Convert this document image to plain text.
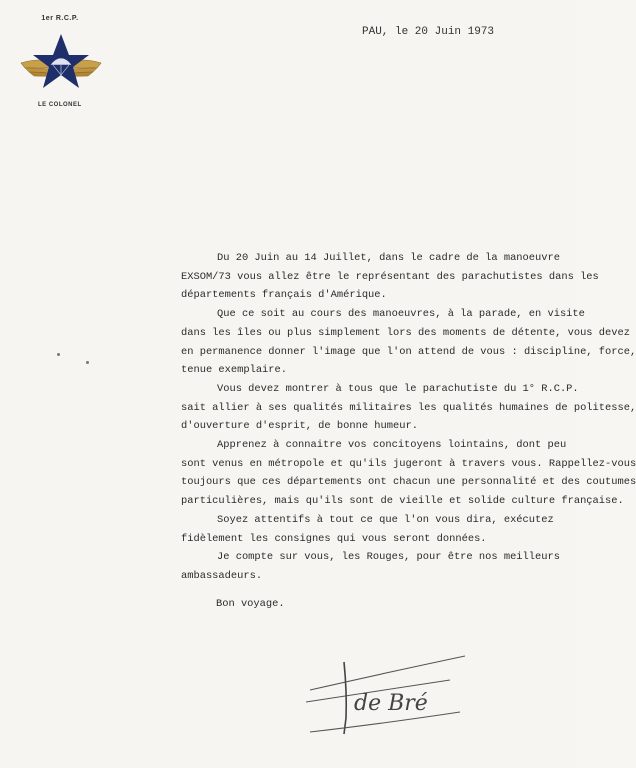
1er R.C.P.
LE COLONEL
PAU, le 20 Juin 1973

Du 20 Juin au 14 Juillet, dans le cadre de la manoeuvre
EXSOM/73 vous allez être le représentant des parachutistes dans les
départements français d'Amérique.

Que ce soit au cours des manoeuvres, à la parade, en visite
dans les îles ou plus simplement lors des moments de détente, vous devez
en permanence donner l'image que l'on attend de vous : discipline, force,
tenue exemplaire.

Vous devez montrer à tous que le parachutiste du 1° R.C.P.
sait allier à ses qualités militaires les qualités humaines de politesse,
d'ouverture d'esprit, de bonne humeur.

Apprenez à connaitre vos concitoyens lointains, dont peu
sont venus en métropole et qu'ils jugeront à travers vous. Rappellez-vous
toujours que ces départements ont chacun une personnalité et des coutumes
particulières, mais qu'ils sont de vieille et solide culture française.

Soyez attentifs à tout ce que l'on vous dira, exécutez
fidèlement les consignes qui vous seront données.

Je compte sur vous, les Rouges, pour être nos meilleurs
ambassadeurs.

Bon voyage.
de Bré
